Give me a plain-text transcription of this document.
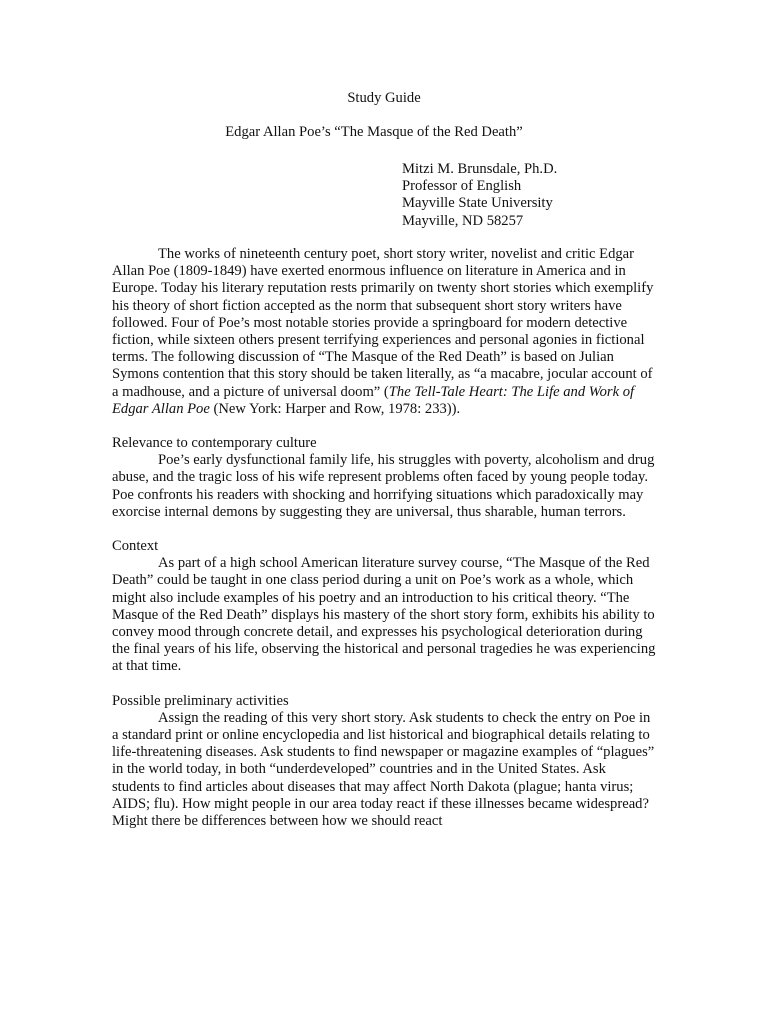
Study Guide
Edgar Allan Poe’s “The Masque of the Red Death”
Mitzi M. Brunsdale, Ph.D.
Professor of English
Mayville State University
Mayville, ND 58257

The works of nineteenth century poet, short story writer, novelist and critic Edgar Allan Poe (1809-1849) have exerted enormous influence on literature in America and in Europe. Today his literary reputation rests primarily on twenty short stories which exemplify his theory of short fiction accepted as the norm that subsequent short story writers have followed. Four of Poe’s most notable stories provide a springboard for modern detective fiction, while sixteen others present terrifying experiences and personal agonies in fictional terms. The following discussion of “The Masque of the Red Death” is based on Julian Symons contention that this story should be taken literally, as “a macabre, jocular account of a madhouse, and a picture of universal doom” (The Tell-Tale Heart: The Life and Work of Edgar Allan Poe (New York: Harper and Row, 1978: 233)).

Relevance to contemporary culture

Poe’s early dysfunctional family life, his struggles with poverty, alcoholism and drug abuse, and the tragic loss of his wife represent problems often faced by young people today. Poe confronts his readers with shocking and horrifying situations which paradoxically may exorcise internal demons by suggesting they are universal, thus sharable, human terrors.

Context

As part of a high school American literature survey course, “The Masque of the Red Death” could be taught in one class period during a unit on Poe’s work as a whole, which might also include examples of his poetry and an introduction to his critical theory. “The Masque of the Red Death” displays his mastery of the short story form, exhibits his ability to convey mood through concrete detail, and expresses his psychological deterioration during the final years of his life, observing the historical and personal tragedies he was experiencing at that time.

Possible preliminary activities

Assign the reading of this very short story. Ask students to check the entry on Poe in a standard print or online encyclopedia and list historical and biographical details relating to life-threatening diseases. Ask students to find newspaper or magazine examples of “plagues” in the world today, in both “underdeveloped” countries and in the United States. Ask students to find articles about diseases that may affect North Dakota (plague; hanta virus; AIDS; flu). How might people in our area today react if these illnesses became widespread? Might there be differences between how we should react
